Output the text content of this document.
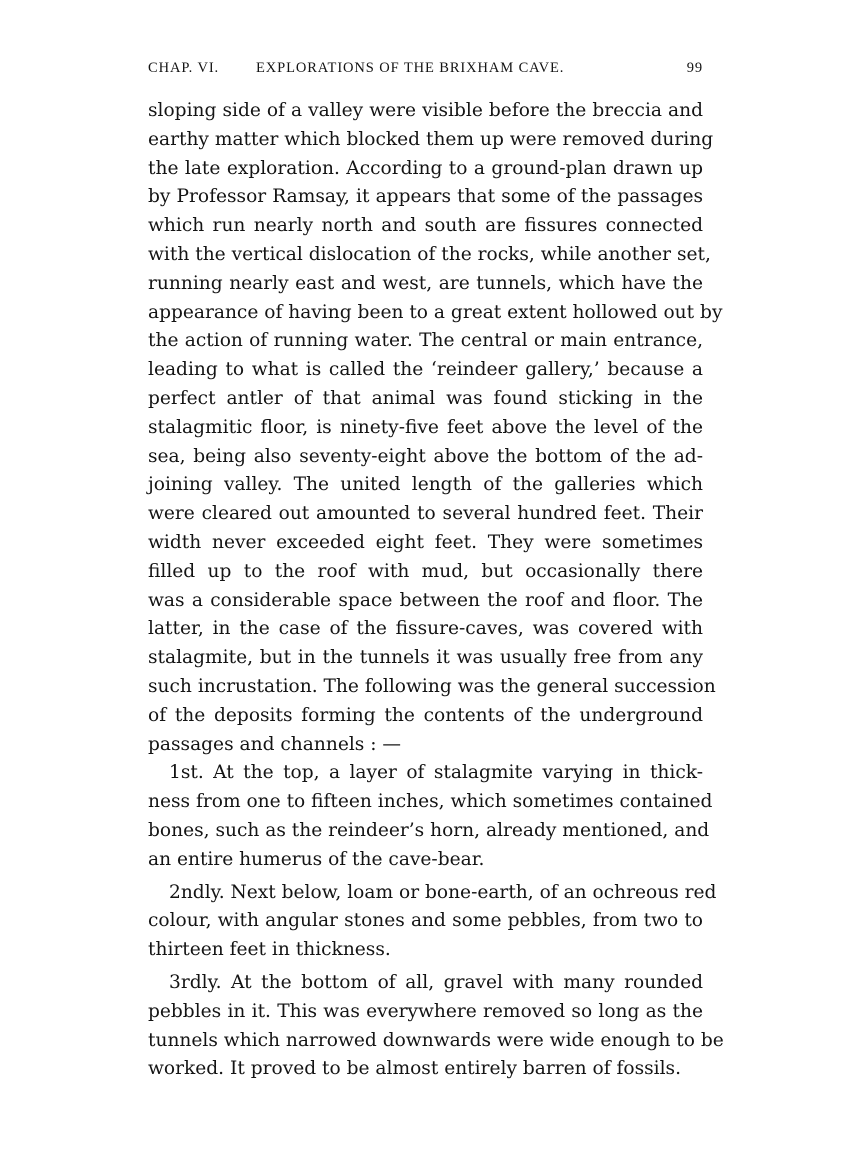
CHAP. VI.	EXPLORATIONS OF THE BRIXHAM CAVE.	99
sloping side of a valley were visible before the breccia and
earthy matter which blocked them up were removed during
the late exploration. According to a ground-plan drawn up
by Professor Ramsay, it appears that some of the passages
which run nearly north and south are fissures connected
with the vertical dislocation of the rocks, while another set,
running nearly east and west, are tunnels, which have the
appearance of having been to a great extent hollowed out by
the action of running water. The central or main entrance,
leading to what is called the ‘reindeer gallery,’ because a
perfect antler of that animal was found sticking in the
stalagmitic floor, is ninety-five feet above the level of the
sea, being also seventy-eight above the bottom of the ad-
joining valley. The united length of the galleries which
were cleared out amounted to several hundred feet. Their
width never exceeded eight feet. They were sometimes
filled up to the roof with mud, but occasionally there
was a considerable space between the roof and floor. The
latter, in the case of the fissure-caves, was covered with
stalagmite, but in the tunnels it was usually free from any
such incrustation. The following was the general succession
of the deposits forming the contents of the underground
passages and channels : —
1st. At the top, a layer of stalagmite varying in thick-
ness from one to fifteen inches, which sometimes contained
bones, such as the reindeer’s horn, already mentioned, and
an entire humerus of the cave-bear.
2ndly. Next below, loam or bone-earth, of an ochreous red
colour, with angular stones and some pebbles, from two to
thirteen feet in thickness.
3rdly. At the bottom of all, gravel with many rounded
pebbles in it. This was everywhere removed so long as the
tunnels which narrowed downwards were wide enough to be
worked. It proved to be almost entirely barren of fossils.
